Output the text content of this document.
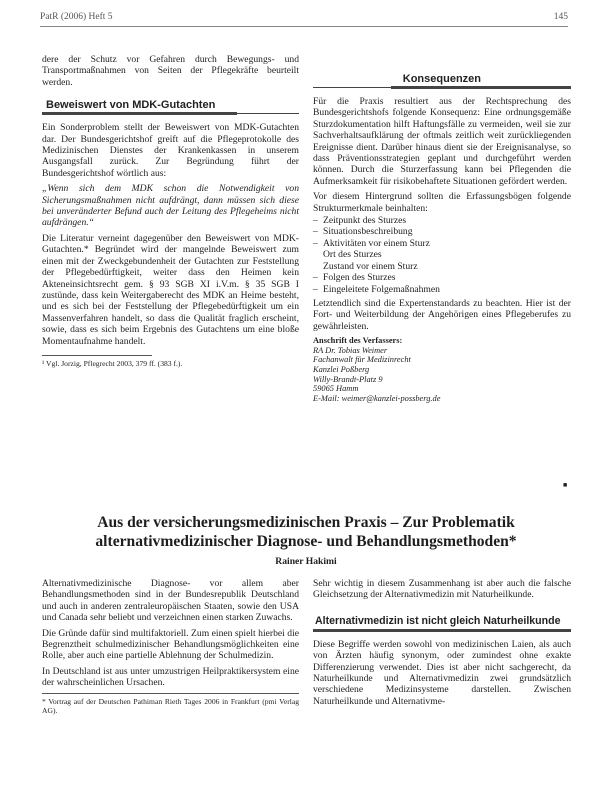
PatR (2006) Heft 5	145

dere der Schutz vor Gefahren durch Bewegungs- und Transportmaßnahmen von Seiten der Pflegekräfte beurteilt werden.

Beweiswert von MDK-Gutachten

Ein Sonderproblem stellt der Beweiswert von MDK-Gutachten dar. Der Bundesgerichtshof greift auf die Pflegeprotokolle des Medizinischen Dienstes der Krankenkassen in unserem Ausgangsfall zurück. Zur Begründung führt der Bundesgerichtshof wörtlich aus:

„Wenn sich dem MDK schon die Notwendigkeit von Sicherungsmaßnahmen nicht aufdrängt, dann müssen sich diese bei unveränderter Befund auch der Leitung des Pflegeheims nicht aufdrängen.“

Die Literatur verneint dagegenüber den Beweiswert von MDK-Gutachten.* Begründet wird der mangelnde Beweiswert zum einen mit der Zweckgebundenheit der Gutachten zur Feststellung der Pflegebedürftigkeit, weiter dass den Heimen kein Akteneinsichtsrecht gem. § 93 SGB XI i.V.m. § 35 SGB I zustünde, dass kein Weitergaberecht des MDK an Heime besteht, und es sich bei der Feststellung der Pflegebedürftigkeit um ein Massenverfahren handelt, so dass die Qualität fraglich erscheint, sowie, dass es sich beim Ergebnis des Gutachtens um eine bloße Momentaufnahme handelt.

¹ Vgl. Jorzig, Pflegrecht 2003, 379 ff. (383 f.).
Konsequenzen

Für die Praxis resultiert aus der Rechtsprechung des Bundesgerichtshofs folgende Konsequenz: Eine ordnungsgemäße Sturzdokumentation hilft Haftungsfälle zu vermeiden, weil sie zur Sachverhaltsaufklärung der oftmals zeitlich weit zurückliegenden Ereignisse dient. Darüber hinaus dient sie der Ereignisanalyse, so dass Präventionsstrategien geplant und durchgeführt werden können. Durch die Sturzerfassung kann bei Pflegenden die Aufmerksamkeit für risikobehaftete Situationen gefördert werden.

Vor diesem Hintergrund sollten die Erfassungsbögen folgende Strukturmerkmale beinhalten:

– Zeitpunkt des Sturzes
– Situationsbeschreibung
– Aktivitäten vor einem Sturz
Ort des Sturzes
Zustand vor einem Sturz
– Folgen des Sturzes
– Eingeleitete Folgemaßnahmen

Letztendlich sind die Expertenstandards zu beachten. Hier ist der Fort- und Weiterbildung der Angehörigen eines Pflegeberufes zu gewährleisten.

Anschrift des Verfassers:
RA Dr. Tobias Weimer
Fachanwalt für Medizinrecht
Kanzlei Poßberg
Willy-Brandt-Platz 9
59065 Hamm
E-Mail: weimer@kanzlei-possberg.de
■
Aus der versicherungsmedizinischen Praxis – Zur Problematik
alternativmedizinischer Diagnose- und Behandlungsmethoden*
Rainer Hakimi

Alternativmedizinische Diagnose- vor allem aber Behandlungsmethoden sind in der Bundesrepublik Deutschland und auch in anderen zentraleuropäischen Staaten, sowie den USA und Canada sehr beliebt und verzeichnen einen starken Zuwachs.

Die Gründe dafür sind multifaktoriell. Zum einen spielt hierbei die Begrenztheit schulmedizinischer Behandlungsmöglichkeiten eine Rolle, aber auch eine partielle Ablehnung der Schulmedizin.

In Deutschland ist aus unter umzustrigen Heilpraktikersystem eine der wahrscheinlichen Ursachen.

* Vortrag auf der Deutschen Pathiman Rieth Tages 2006 in Frankfurt (pmi Verlag AG).

Sehr wichtig in diesem Zusammenhang ist aber auch die falsche Gleichsetzung der Alternativmedizin mit Naturheilkunde.

Alternativmedizin ist nicht gleich Naturheilkunde

Diese Begriffe werden sowohl von medizinischen Laien, als auch von Ärzten häufig synonym, oder zumindest ohne exakte Differenzierung verwendet. Dies ist aber nicht sachgerecht, da Naturheilkunde und Alternativmedizin zwei grundsätzlich verschiedene Medizinsysteme darstellen. Zwischen Naturheilkunde und Alternativme-
